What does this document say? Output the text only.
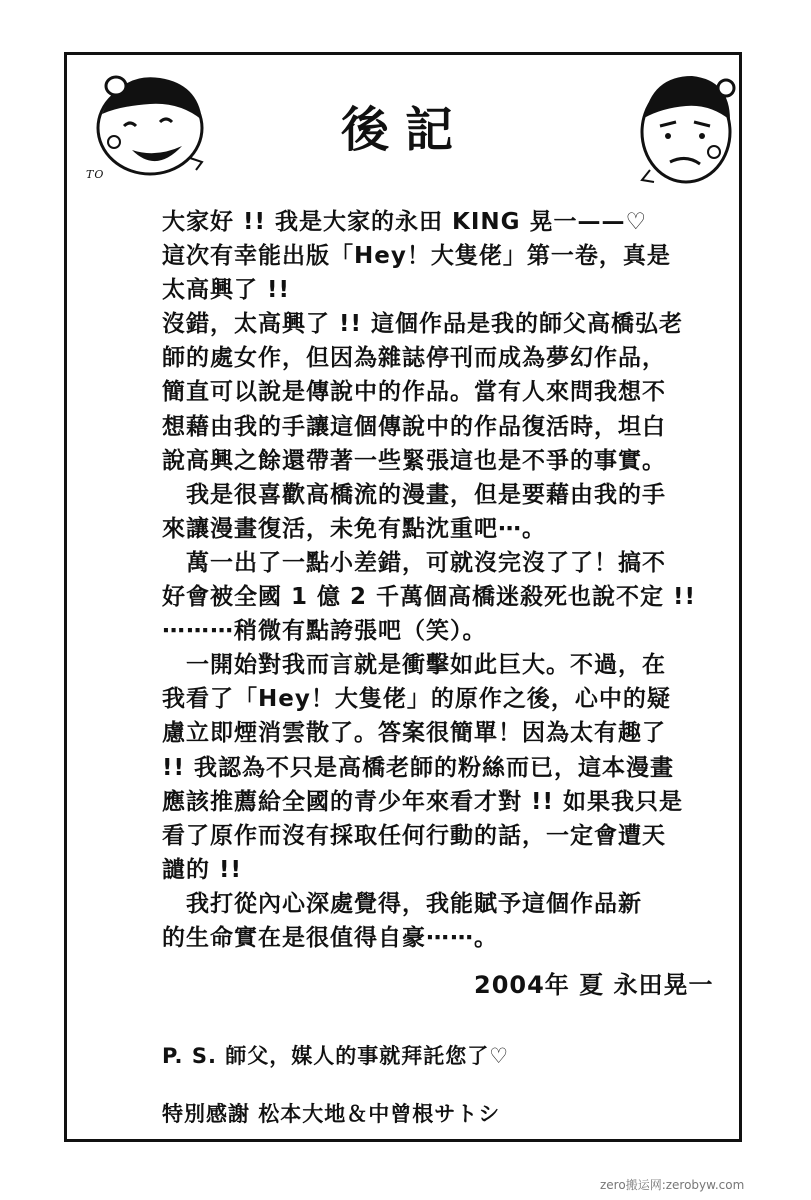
TO
後記
大家好 !! 我是大家的永田 KING 晃一——♡
這次有幸能出版「Hey！大隻佬」第一卷，真是
太高興了 !!
沒錯，太高興了 !! 這個作品是我的師父高橋弘老
師的處女作，但因為雜誌停刊而成為夢幻作品，
簡直可以說是傳說中的作品。當有人來問我想不
想藉由我的手讓這個傳說中的作品復活時，坦白
說高興之餘還帶著一些緊張這也是不爭的事實。
　我是很喜歡高橋流的漫畫，但是要藉由我的手
來讓漫畫復活，未免有點沈重吧⋯。
　萬一出了一點小差錯，可就沒完沒了了！搞不
好會被全國 1 億 2 千萬個高橋迷殺死也說不定 !!
⋯⋯⋯稍微有點誇張吧（笑）。
　一開始對我而言就是衝擊如此巨大。不過，在
我看了「Hey！大隻佬」的原作之後，心中的疑
慮立即煙消雲散了。答案很簡單！因為太有趣了
!! 我認為不只是高橋老師的粉絲而已，這本漫畫
應該推薦給全國的青少年來看才對 !! 如果我只是
看了原作而沒有採取任何行動的話，一定會遭天
譴的 !!
　我打從內心深處覺得，我能賦予這個作品新
的生命實在是很值得自豪⋯⋯。
2004年 夏 永田晃一
P. S. 師父，媒人的事就拜託您了♡
特別感謝 松本大地＆中曾根サトシ
zero搬运网:zerobyw.com
